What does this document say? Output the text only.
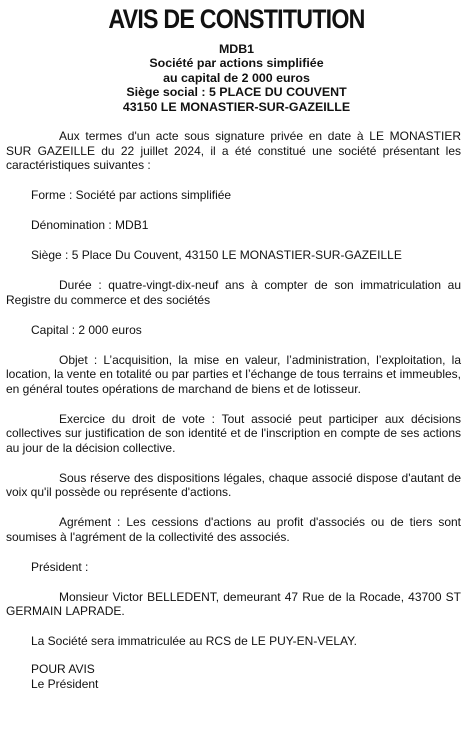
AVIS DE CONSTITUTION
MDB1
Société par actions simplifiée
au capital de 2 000 euros
Siège social : 5 PLACE DU COUVENT
43150 LE MONASTIER-SUR-GAZEILLE

Aux termes d'un acte sous signature privée en date à LE MONASTIER SUR GAZEILLE du 22 juillet 2024, il a été constitué une société présentant les caractéristiques suivantes :

Forme : Société par actions simplifiée

Dénomination : MDB1

Siège : 5 Place Du Couvent, 43150 LE MONASTIER-SUR-GAZEILLE

Durée : quatre-vingt-dix-neuf ans à compter de son immatriculation au Registre du commerce et des sociétés

Capital : 2 000 euros

Objet : L’acquisition, la mise en valeur, l’administration, l’exploitation, la location, la vente en totalité ou par parties et l’échange de tous terrains et immeubles, en général toutes opérations de marchand de biens et de lotisseur.

Exercice du droit de vote : Tout associé peut participer aux décisions collectives sur justification de son identité et de l'inscription en compte de ses actions au jour de la décision collective.

Sous réserve des dispositions légales, chaque associé dispose d'autant de voix qu'il possède ou représente d'actions.

Agrément : Les cessions d'actions au profit d'associés ou de tiers sont soumises à l'agrément de la collectivité des associés.

Président :

Monsieur Victor BELLEDENT, demeurant 47 Rue de la Rocade, 43700 ST GERMAIN LAPRADE.

La Société sera immatriculée au RCS de LE PUY-EN-VELAY.

POUR AVIS
Le Président
